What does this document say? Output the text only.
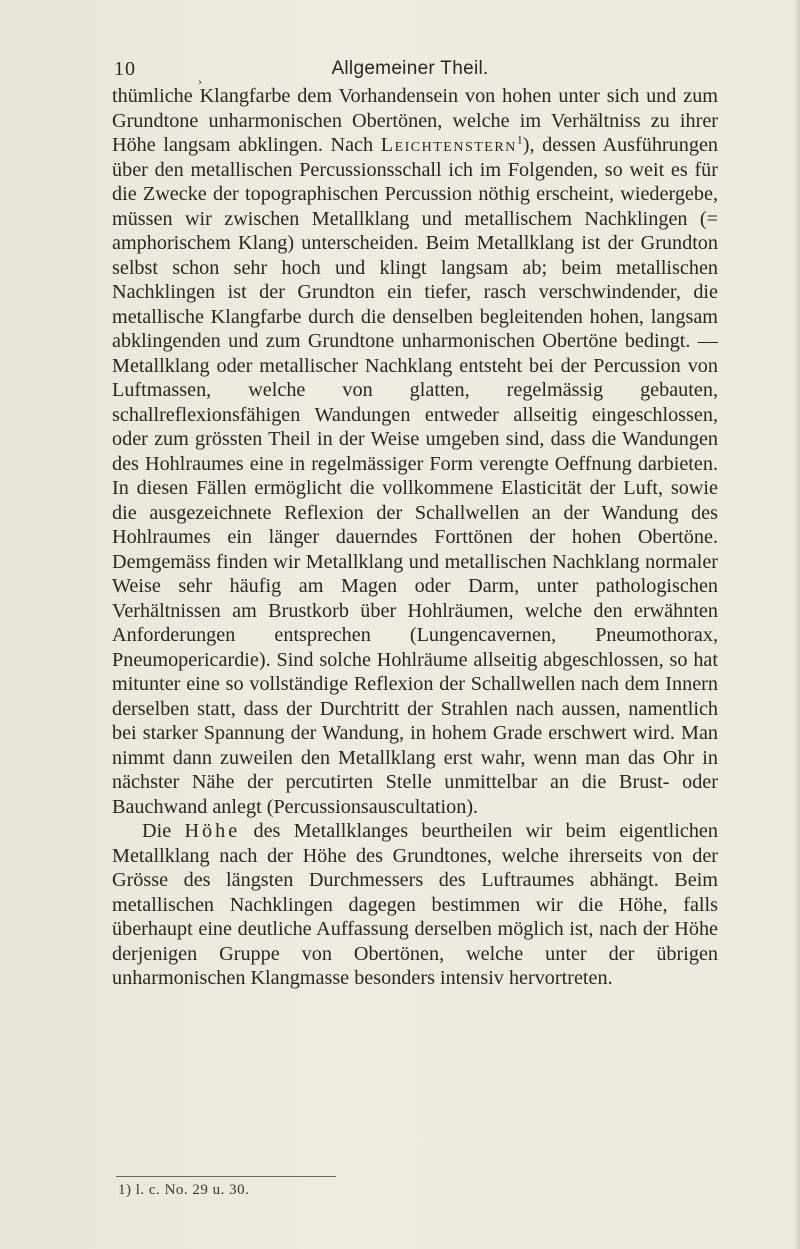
10	Allgemeiner Theil.
›

thümliche Klangfarbe dem Vorhandensein von hohen unter sich und zum Grundtone unharmonischen Obertönen, welche im Verhältniss zu ihrer Höhe langsam abklingen. Nach Leichtenstern$^1$), dessen Ausführungen über den metallischen Percussionsschall ich im Folgenden, so weit es für die Zwecke der topographischen Percussion nöthig erscheint, wiedergebe, müssen wir zwischen Metallklang und metallischem Nachklingen (= amphorischem Klang) unterscheiden. Beim Metallklang ist der Grundton selbst schon sehr hoch und klingt langsam ab; beim metallischen Nachklingen ist der Grundton ein tiefer, rasch verschwindender, die metallische Klangfarbe durch die denselben begleitenden hohen, langsam abklingenden und zum Grundtone unharmonischen Obertöne bedingt. — Metallklang oder metallischer Nachklang entsteht bei der Percussion von Luftmassen, welche von glatten, regelmässig gebauten, schallreflexionsfähigen Wandungen entweder allseitig eingeschlossen, oder zum grössten Theil in der Weise umgeben sind, dass die Wandungen des Hohlraumes eine in regelmässiger Form verengte Oeffnung darbieten. In diesen Fällen ermöglicht die vollkommene Elasticität der Luft, sowie die ausgezeichnete Reflexion der Schallwellen an der Wandung des Hohlraumes ein länger dauerndes Forttönen der hohen Obertöne. Demgemäss finden wir Metallklang und metallischen Nachklang normaler Weise sehr häufig am Magen oder Darm, unter pathologischen Verhältnissen am Brustkorb über Hohlräumen, welche den erwähnten Anforderungen entsprechen (Lungencavernen, Pneumothorax, Pneumopericardie). Sind solche Hohlräume allseitig abgeschlossen, so hat mitunter eine so vollständige Reflexion der Schallwellen nach dem Innern derselben statt, dass der Durchtritt der Strahlen nach aussen, namentlich bei starker Spannung der Wandung, in hohem Grade erschwert wird. Man nimmt dann zuweilen den Metallklang erst wahr, wenn man das Ohr in nächster Nähe der percutirten Stelle unmittelbar an die Brust- oder Bauchwand anlegt (Percussionsauscultation).

Die Höhe des Metallklanges beurtheilen wir beim eigentlichen Metallklang nach der Höhe des Grundtones, welche ihrerseits von der Grösse des längsten Durchmessers des Luftraumes abhängt. Beim metallischen Nachklingen dagegen bestimmen wir die Höhe, falls überhaupt eine deutliche Auffassung derselben möglich ist, nach der Höhe derjenigen Gruppe von Obertönen, welche unter der übrigen unharmonischen Klangmasse besonders intensiv hervortreten.

1) l. c. No. 29 u. 30.
